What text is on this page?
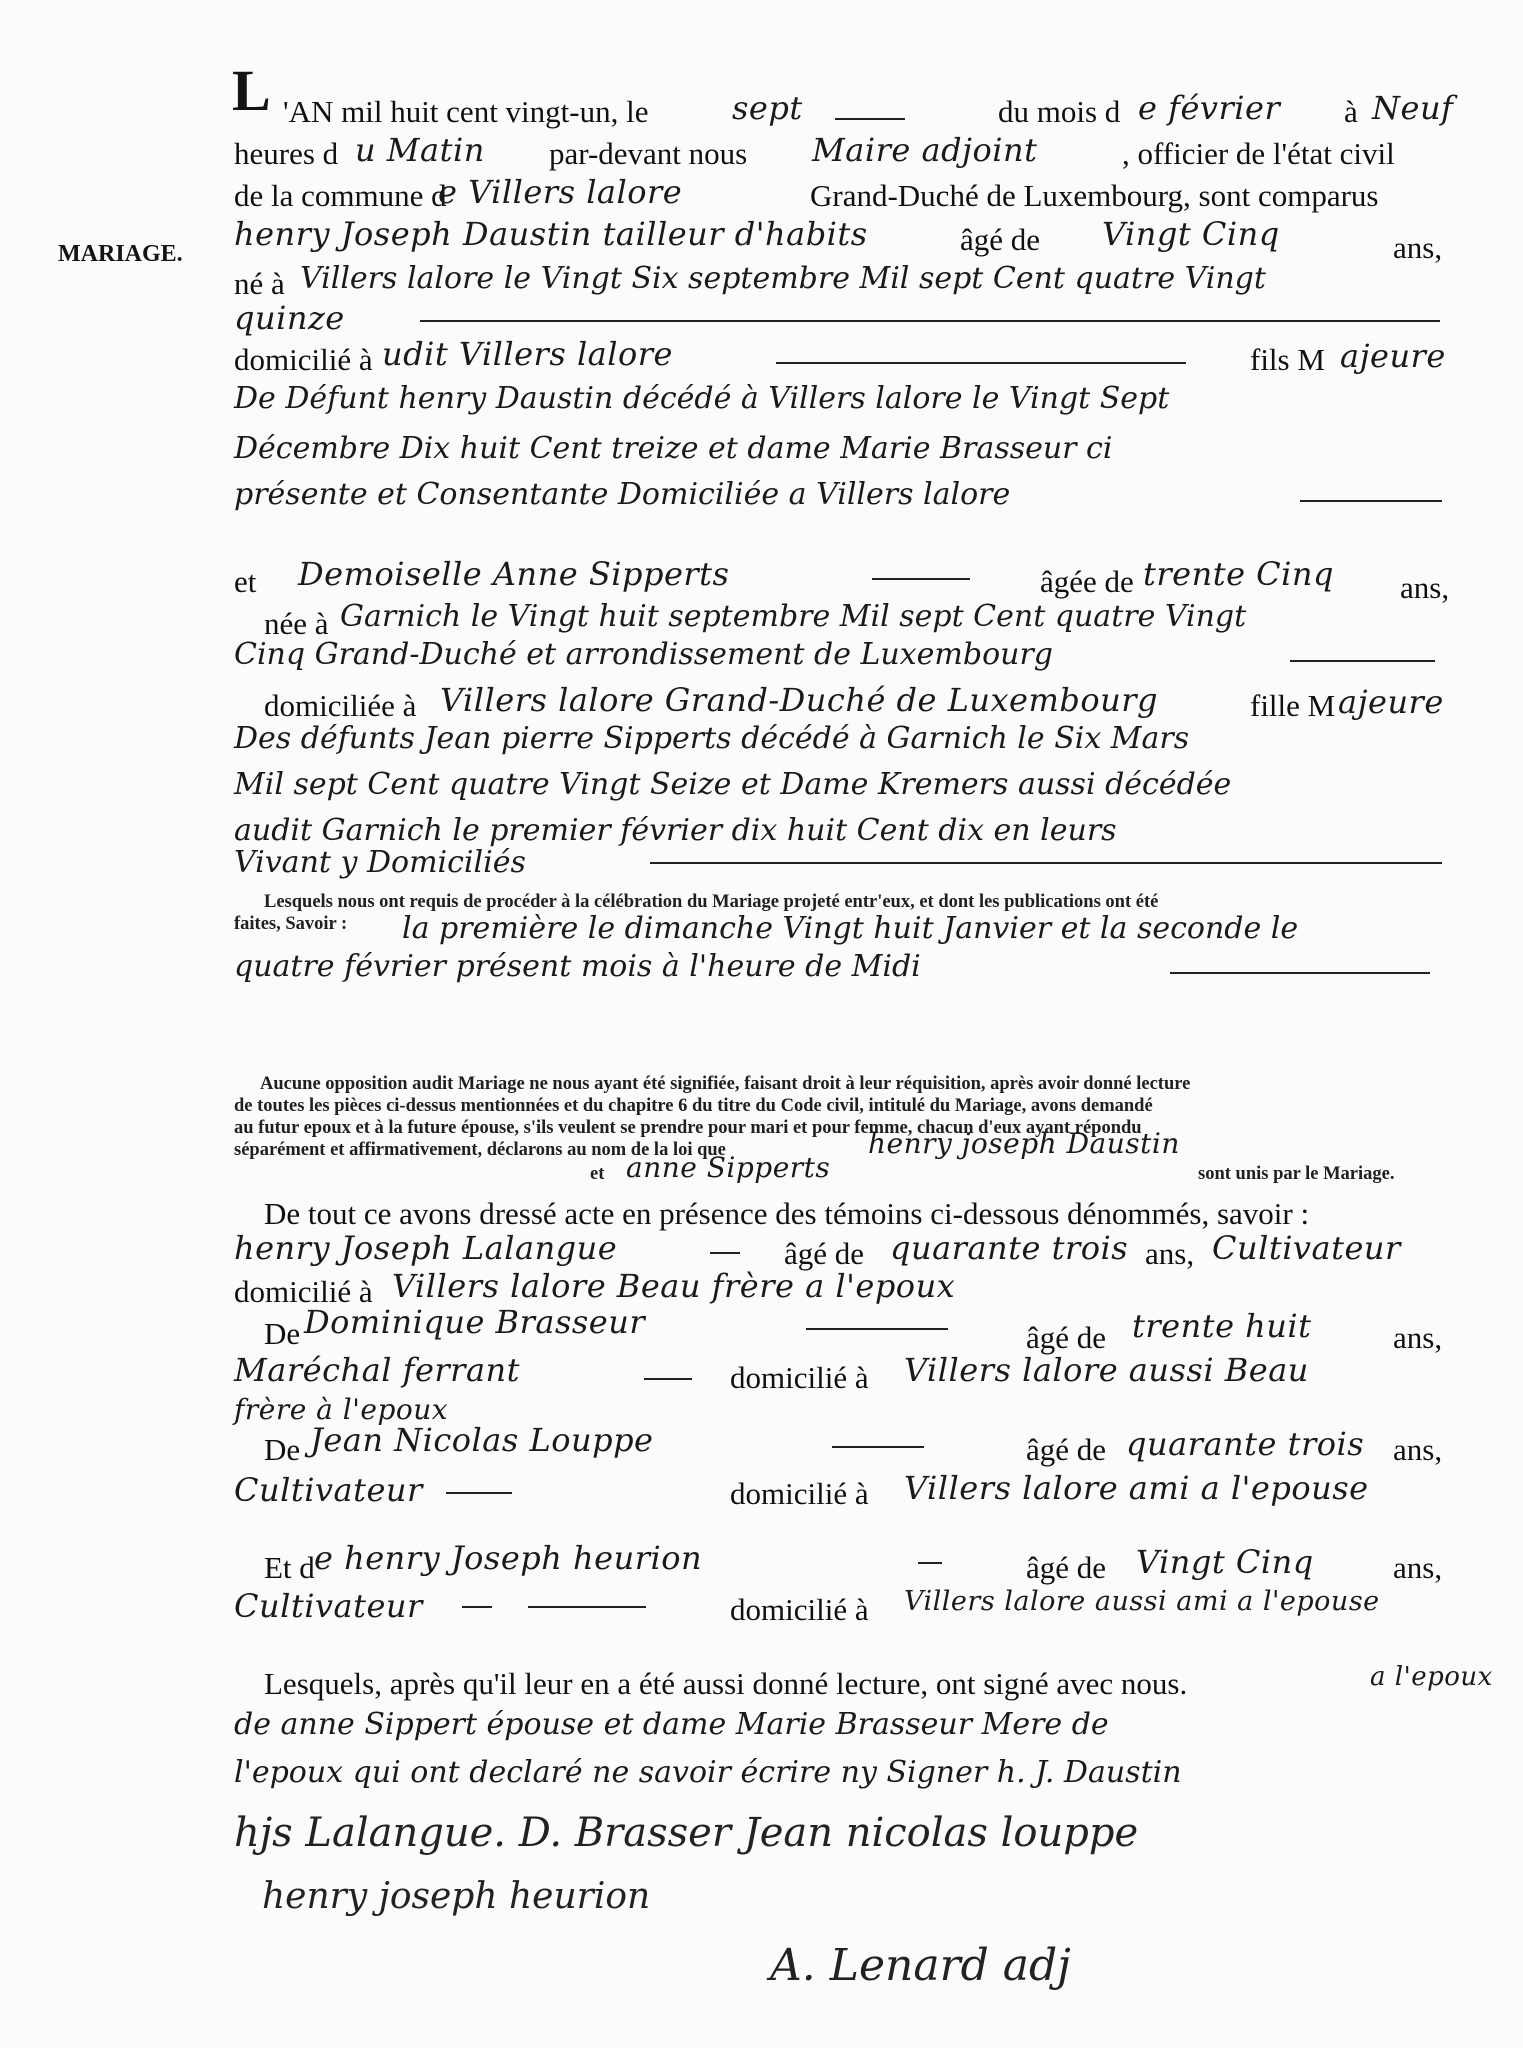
MARIAGE.
L 'AN mil huit cent vingt-un, le	sept	du mois d e février à Neuf
heures d u Matin par-devant nous Maire adjoint	, officier de l'état civil
de la commune d
e Villers lalore	Grand-Duché de Luxembourg, sont comparus
henry Joseph Daustin tailleur d'habits	âgé de Vingt Cinq	ans,
né à Villers lalore le Vingt Six septembre Mil sept Cent quatre Vingt
quinze
domicilié à udit Villers lalore	fils M ajeure
De Défunt henry Daustin décédé à Villers lalore le Vingt Sept
Décembre Dix huit Cent treize et dame Marie Brasseur ci
présente et Consentante Domiciliée a Villers lalore
et Demoiselle Anne Sipperts	âgée de trente Cinq ans,
née à Garnich le Vingt huit septembre Mil sept Cent quatre Vingt
Cinq Grand-Duché et arrondissement de Luxembourg
domiciliée à Villers lalore Grand-Duché de Luxembourg	fille M ajeure
Des défunts Jean pierre Sipperts décédé à Garnich le Six Mars
Mil sept Cent quatre Vingt Seize et Dame Kremers aussi décédée
audit Garnich le premier février dix huit Cent dix en leurs
Vivant y Domiciliés
Lesquels nous ont requis de procéder à la célébration du Mariage projeté entr'eux, et dont les publications ont été
faites, Savoir : la première le dimanche Vingt huit Janvier et la seconde le
quatre février présent mois à l'heure de Midi
Aucune opposition audit Mariage ne nous ayant été signifiée, faisant droit à leur réquisition, après avoir donné lecture
de toutes les pièces ci-dessus mentionnées et du chapitre 6 du titre du Code civil, intitulé du Mariage, avons demandé
au futur epoux et à la future épouse, s'ils veulent se prendre pour mari et pour femme, chacun d'eux ayant répondu
séparément et affirmativement, déclarons au nom de la loi que	henry joseph Daustin
et anne Sipperts	sont unis par le Mariage.
De tout ce avons dressé acte en présence des témoins ci-dessous dénommés, savoir :
henry Joseph Lalangue	âgé de quarante trois ans, Cultivateur
domicilié à Villers lalore Beau frère a l'epoux
De Dominique Brasseur	âgé de trente huit	ans,
Maréchal ferrant	domicilié à Villers lalore aussi Beau
frère à l'epoux
De Jean Nicolas Louppe	âgé de quarante trois ans,
Cultivateur	domicilié à Villers lalore ami a l'epouse
Et d e henry Joseph heurion	âgé de Vingt Cinq	ans,
Cultivateur	domicilié à Villers lalore aussi ami a l'epouse
Lesquels, après qu'il leur en a été aussi donné lecture, ont signé avec nous.	a l'epoux
de anne Sippert épouse et dame Marie Brasseur Mere de
l'epoux qui ont declaré ne savoir écrire ny Signer h. J. Daustin
hjs Lalangue. D. Brasser Jean nicolas louppe
henry joseph heurion
A. Lenard adj
